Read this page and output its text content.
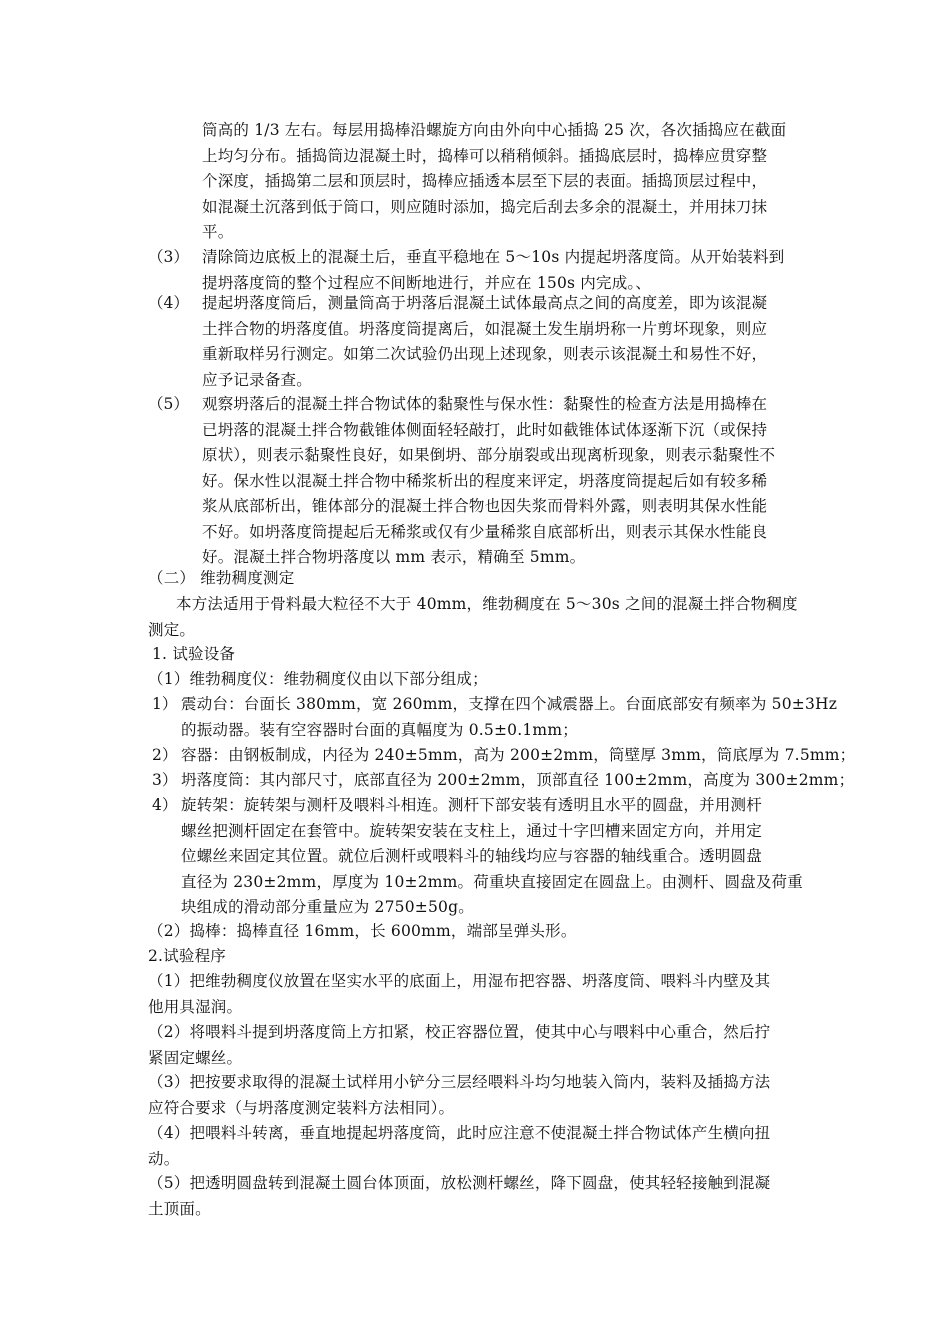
筒高的 1/3 左右。每层用捣棒沿螺旋方向由外向中心插捣 25 次，各次插捣应在截面
上均匀分布。插捣筒边混凝土时，捣棒可以稍稍倾斜。插捣底层时，捣棒应贯穿整
个深度，插捣第二层和顶层时，捣棒应插透本层至下层的表面。插捣顶层过程中，
如混凝土沉落到低于筒口，则应随时添加，捣完后刮去多余的混凝土，并用抹刀抹
平。
（3） 清除筒边底板上的混凝土后，垂直平稳地在 5～10s 内提起坍落度筒。从开始装料到
提坍落度筒的整个过程应不间断地进行，并应在 150s 内完成。、
（4） 提起坍落度筒后，测量筒高于坍落后混凝土试体最高点之间的高度差，即为该混凝
土拌合物的坍落度值。坍落度筒提离后，如混凝土发生崩坍称一片剪坏现象，则应
重新取样另行测定。如第二次试验仍出现上述现象，则表示该混凝土和易性不好，
应予记录备查。
（5） 观察坍落后的混凝土拌合物试体的黏聚性与保水性：黏聚性的检查方法是用捣棒在
已坍落的混凝土拌合物截锥体侧面轻轻敲打，此时如截锥体试体逐渐下沉（或保持
原状），则表示黏聚性良好，如果倒坍、部分崩裂或出现离析现象，则表示黏聚性不
好。保水性以混凝土拌合物中稀浆析出的程度来评定，坍落度筒提起后如有较多稀
浆从底部析出，锥体部分的混凝土拌合物也因失浆而骨料外露，则表明其保水性能
不好。如坍落度筒提起后无稀浆或仅有少量稀浆自底部析出，则表示其保水性能良
好。混凝土拌合物坍落度以 mm 表示，精确至 5mm。
（二） 维勃稠度测定
本方法适用于骨料最大粒径不大于 40mm，维勃稠度在 5～30s 之间的混凝土拌合物稠度
测定。
1. 试验设备
（1）维勃稠度仪：维勃稠度仪由以下部分组成；
1） 震动台：台面长 380mm，宽 260mm，支撑在四个减震器上。台面底部安有频率为 50±3Hz
的振动器。装有空容器时台面的真幅度为 0.5±0.1mm；
2） 容器：由钢板制成，内径为 240±5mm，高为 200±2mm，筒壁厚 3mm，筒底厚为 7.5mm；
3） 坍落度筒：其内部尺寸，底部直径为 200±2mm，顶部直径 100±2mm，高度为 300±2mm；
4） 旋转架：旋转架与测杆及喂料斗相连。测杆下部安装有透明且水平的圆盘，并用测杆
螺丝把测杆固定在套管中。旋转架安装在支柱上，通过十字凹槽来固定方向，并用定
位螺丝来固定其位置。就位后测杆或喂料斗的轴线均应与容器的轴线重合。透明圆盘
直径为 230±2mm，厚度为 10±2mm。荷重块直接固定在圆盘上。由测杆、圆盘及荷重
块组成的滑动部分重量应为 2750±50g。
（2）捣棒：捣棒直径 16mm，长 600mm，端部呈弹头形。
2.试验程序
（1）把维勃稠度仪放置在坚实水平的底面上，用湿布把容器、坍落度筒、喂料斗内壁及其
他用具湿润。
（2）将喂料斗提到坍落度筒上方扣紧，校正容器位置，使其中心与喂料中心重合，然后拧
紧固定螺丝。
（3）把按要求取得的混凝土试样用小铲分三层经喂料斗均匀地装入筒内，装料及插捣方法
应符合要求（与坍落度测定装料方法相同）。
（4）把喂料斗转离，垂直地提起坍落度筒，此时应注意不使混凝土拌合物试体产生横向扭
动。
（5）把透明圆盘转到混凝土圆台体顶面，放松测杆螺丝，降下圆盘，使其轻轻接触到混凝
土顶面。
